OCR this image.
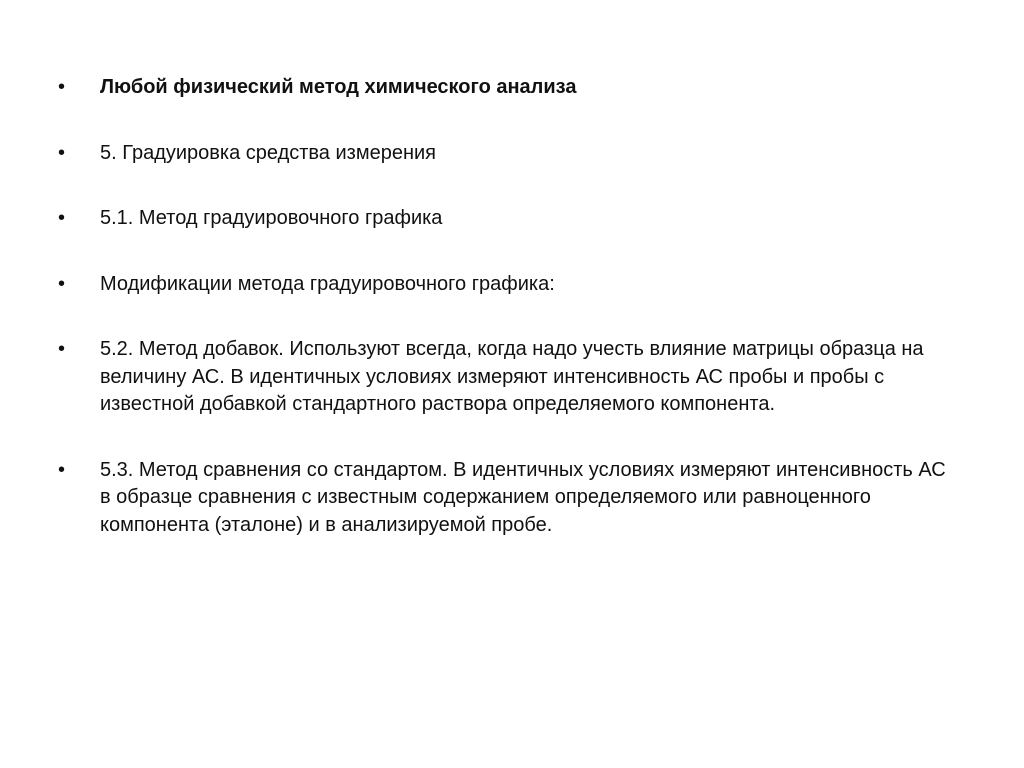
• Любой физический метод химического анализа
• 5. Градуировка средства измерения
• 5.1. Метод градуировочного графика
• Модификации метода градуировочного графика:
• 5.2. Метод добавок. Используют всегда, когда надо учесть влияние матрицы образца на величину АС. В идентичных условиях измеряют интенсивность АС пробы и пробы с известной добавкой стандартного раствора определяемого компонента.
• 5.3. Метод сравнения со стандартом. В идентичных условиях измеряют интенсивность АС в образце сравнения с известным содержанием определяемого или равноценного компонента (эталоне) и в анализируемой пробе.
